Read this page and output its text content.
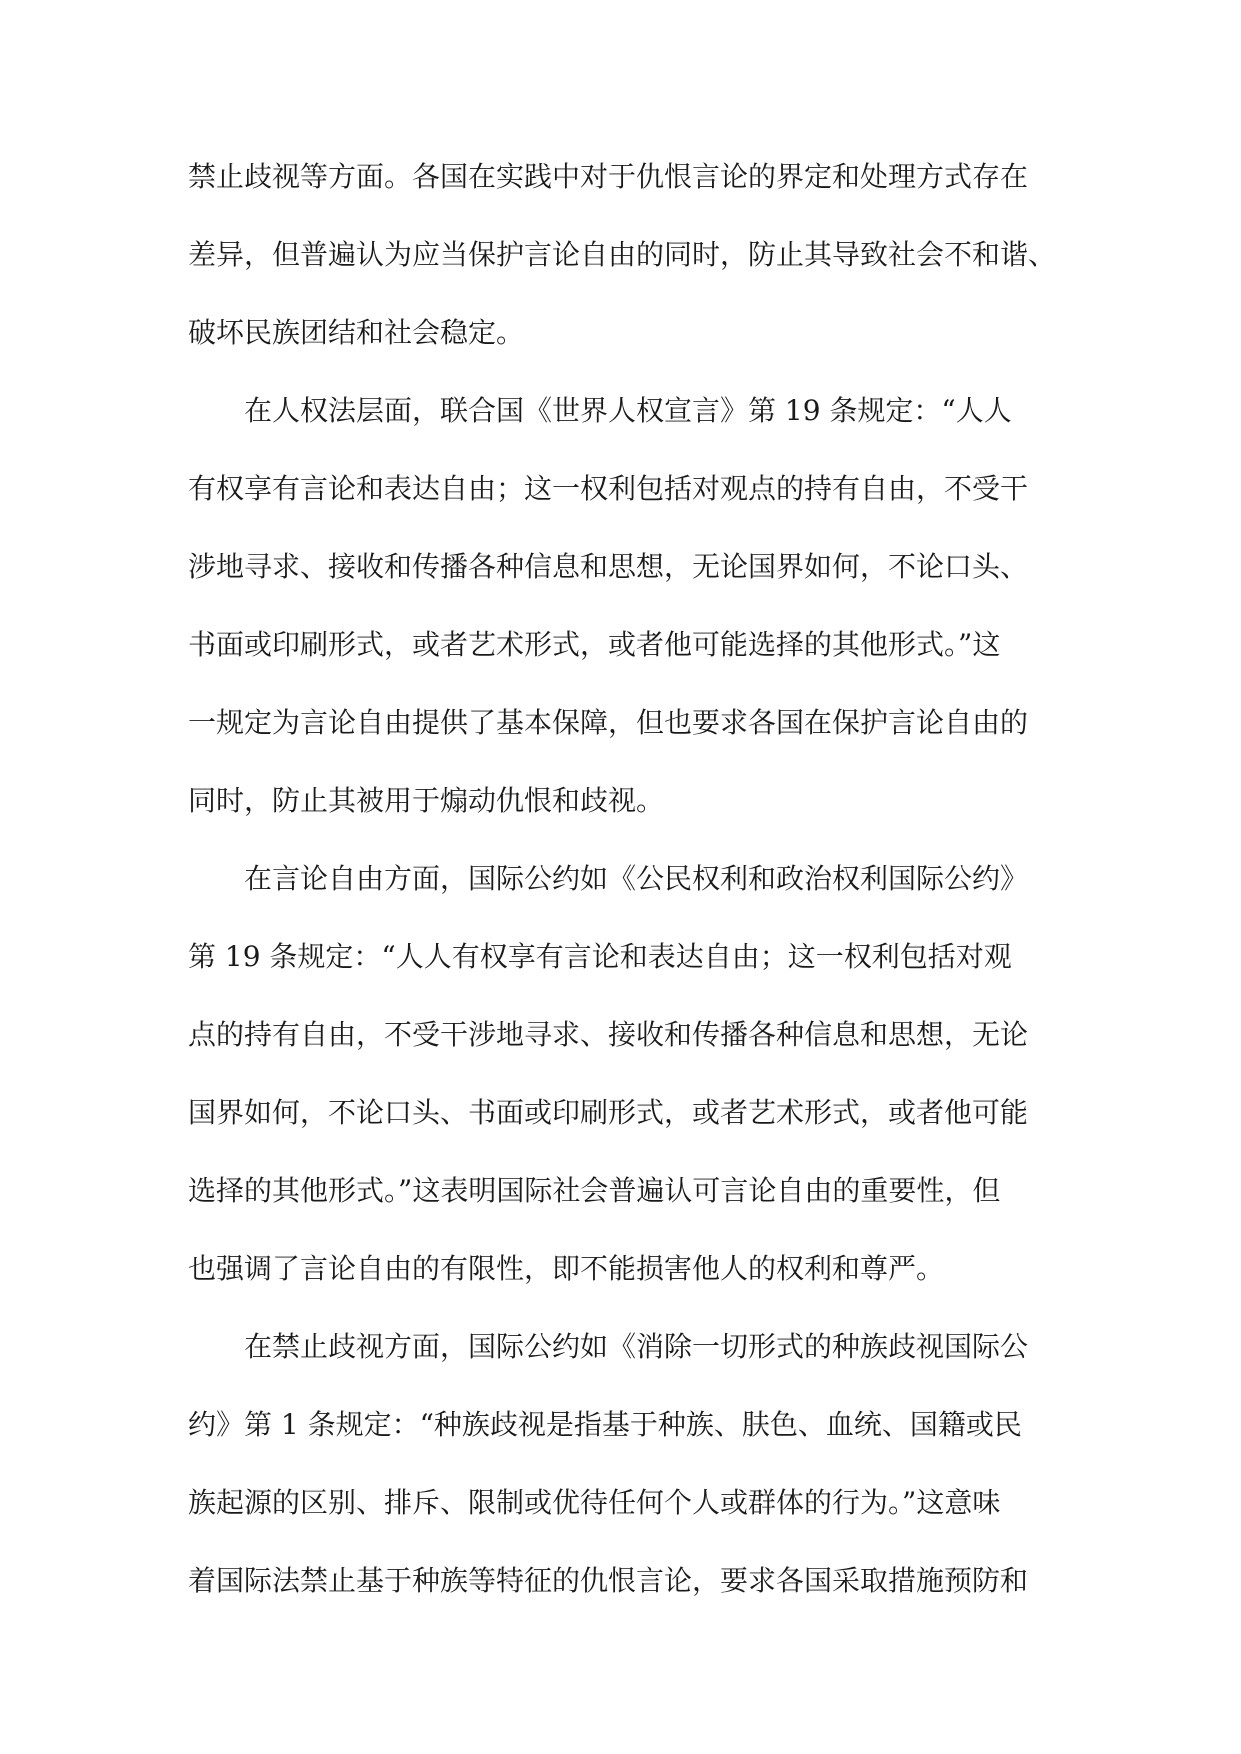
禁止歧视等方面。各国在实践中对于仇恨言论的界定和处理方式存在
差异，但普遍认为应当保护言论自由的同时，防止其导致社会不和谐、
破坏民族团结和社会稳定。
在人权法层面，联合国《世界人权宣言》第 19 条规定：“人人
有权享有言论和表达自由；这一权利包括对观点的持有自由，不受干
涉地寻求、接收和传播各种信息和思想，无论国界如何，不论口头、
书面或印刷形式，或者艺术形式，或者他可能选择的其他形式。”这
一规定为言论自由提供了基本保障，但也要求各国在保护言论自由的
同时，防止其被用于煽动仇恨和歧视。
在言论自由方面，国际公约如《公民权利和政治权利国际公约》
第 19 条规定：“人人有权享有言论和表达自由；这一权利包括对观
点的持有自由，不受干涉地寻求、接收和传播各种信息和思想，无论
国界如何，不论口头、书面或印刷形式，或者艺术形式，或者他可能
选择的其他形式。”这表明国际社会普遍认可言论自由的重要性，但
也强调了言论自由的有限性，即不能损害他人的权利和尊严。
在禁止歧视方面，国际公约如《消除一切形式的种族歧视国际公
约》第 1 条规定：“种族歧视是指基于种族、肤色、血统、国籍或民
族起源的区别、排斥、限制或优待任何个人或群体的行为。”这意味
着国际法禁止基于种族等特征的仇恨言论，要求各国采取措施预防和
